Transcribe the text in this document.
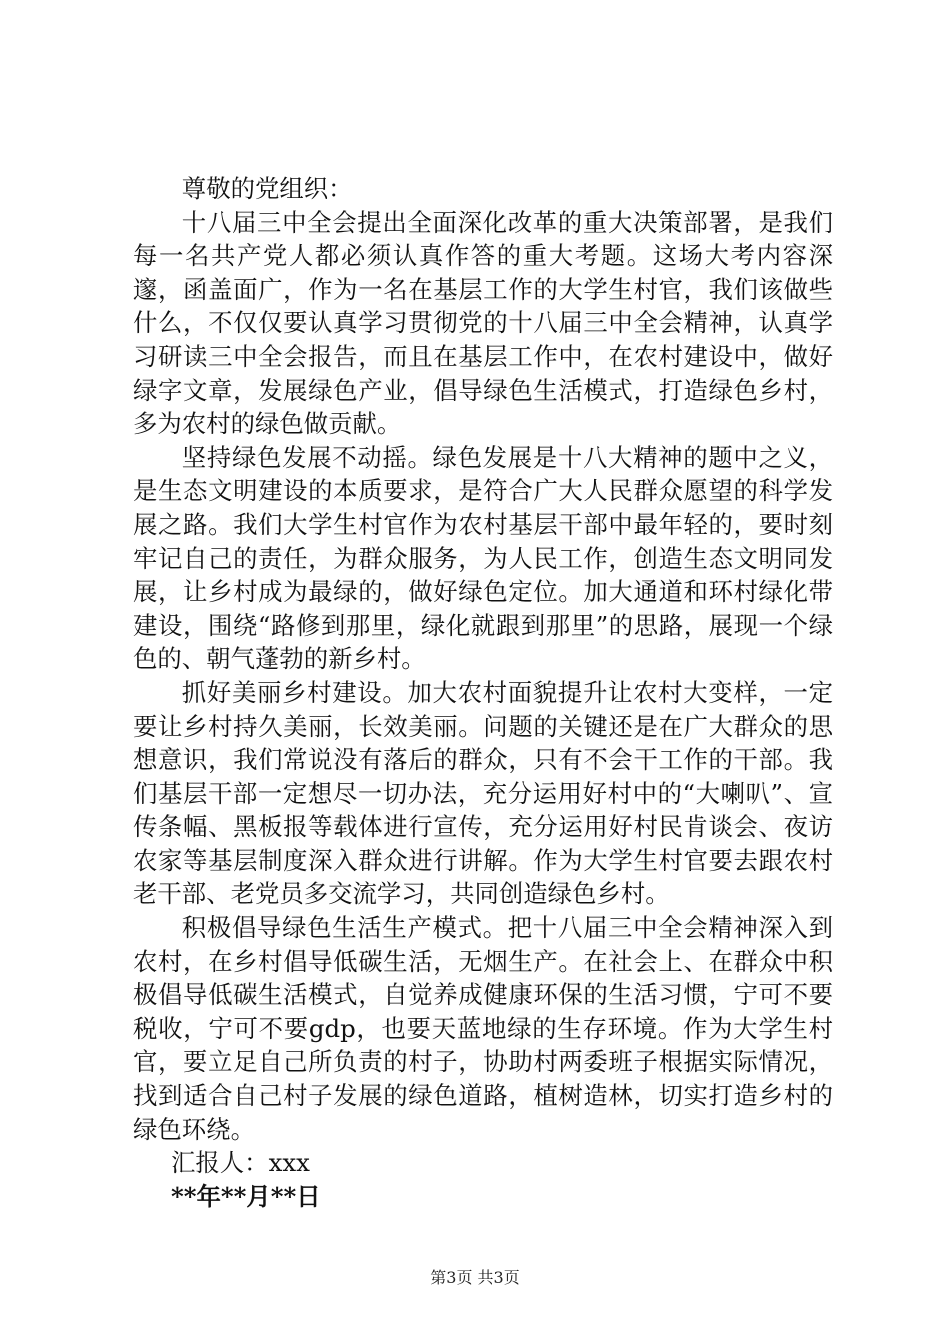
尊敬的党组织：

十八届三中全会提出全面深化改革的重大决策部署，是我们每一名共产党人都必须认真作答的重大考题。这场大考内容深邃，函盖面广，作为一名在基层工作的大学生村官，我们该做些什么，不仅仅要认真学习贯彻党的十八届三中全会精神，认真学习研读三中全会报告，而且在基层工作中，在农村建设中，做好绿字文章，发展绿色产业，倡导绿色生活模式，打造绿色乡村，多为农村的绿色做贡献。

坚持绿色发展不动摇。绿色发展是十八大精神的题中之义，是生态文明建设的本质要求，是符合广大人民群众愿望的科学发展之路。我们大学生村官作为农村基层干部中最年轻的，要时刻牢记自己的责任，为群众服务，为人民工作，创造生态文明同发展，让乡村成为最绿的，做好绿色定位。加大通道和环村绿化带建设，围绕“路修到那里，绿化就跟到那里”的思路，展现一个绿色的、朝气蓬勃的新乡村。

抓好美丽乡村建设。加大农村面貌提升让农村大变样，一定要让乡村持久美丽，长效美丽。问题的关键还是在广大群众的思想意识，我们常说没有落后的群众，只有不会干工作的干部。我们基层干部一定想尽一切办法，充分运用好村中的“大喇叭”、宣传条幅、黑板报等载体进行宣传，充分运用好村民肯谈会、夜访农家等基层制度深入群众进行讲解。作为大学生村官要去跟农村老干部、老党员多交流学习，共同创造绿色乡村。

积极倡导绿色生活生产模式。把十八届三中全会精神深入到农村，在乡村倡导低碳生活，无烟生产。在社会上、在群众中积极倡导低碳生活模式，自觉养成健康环保的生活习惯，宁可不要税收，宁可不要gdp，也要天蓝地绿的生存环境。作为大学生村官，要立足自己所负责的村子，协助村两委班子根据实际情况，找到适合自己村子发展的绿色道路，植树造林，切实打造乡村的绿色环绕。

汇报人：xxx

**年**月**日

第3页 共3页
